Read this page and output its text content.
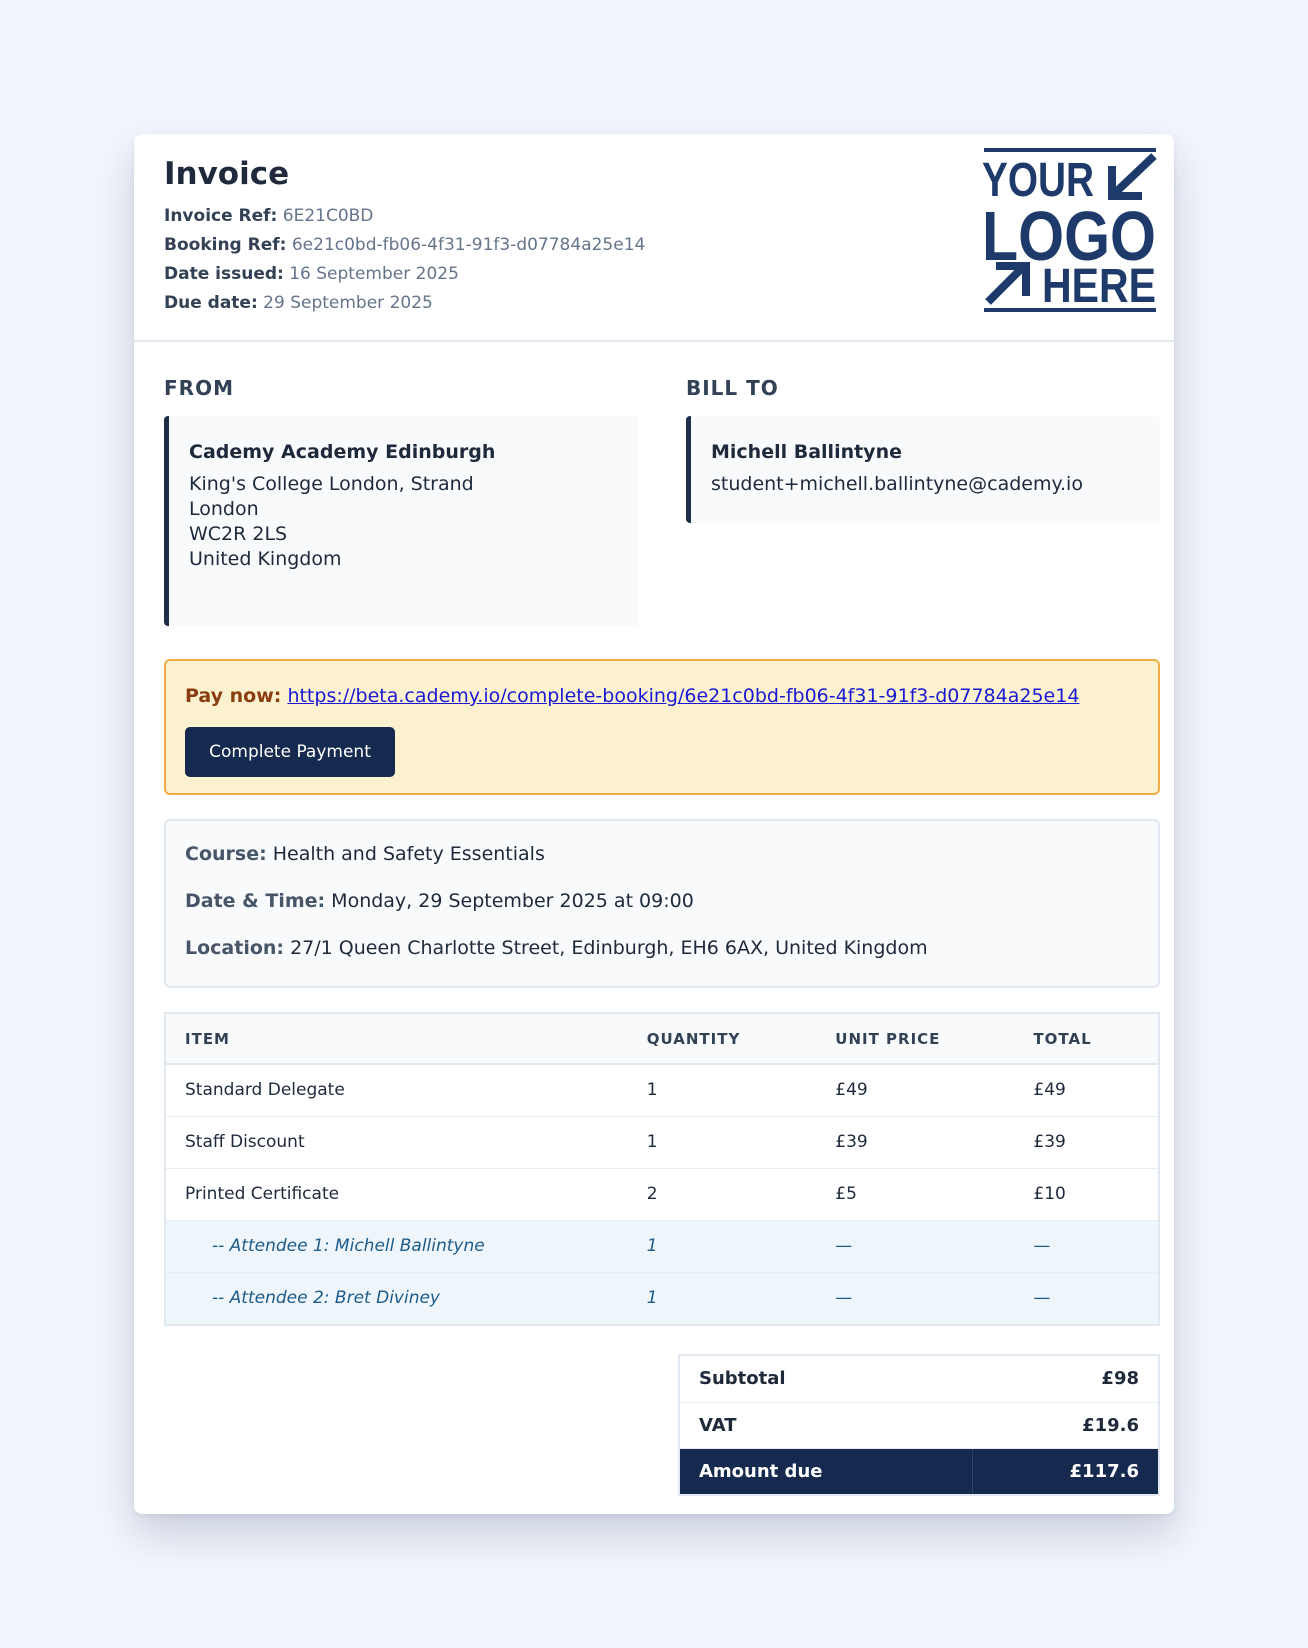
Invoice
Invoice Ref: 6E21C0BD
Booking Ref: 6e21c0bd-fb06-4f31-91f3-d07784a25e14
Date issued: 16 September 2025
Due date: 29 September 2025
YOUR
LOGO
HERE
FROM
Cademy Academy Edinburgh
King's College London, Strand
London
WC2R 2LS
United Kingdom
BILL TO
Michell Ballintyne
student+michell.ballintyne@cademy.io
Pay now: https://beta.cademy.io/complete-booking/6e21c0bd-fb06-4f31-91f3-d07784a25e14
Complete Payment
Course: Health and Safety Essentials
Date & Time: Monday, 29 September 2025 at 09:00
Location: 27/1 Queen Charlotte Street, Edinburgh, EH6 6AX, United Kingdom
ITEM	QUANTITY	UNIT PRICE	TOTAL
Standard Delegate	1	£49	£49
Staff Discount	1	£39	£39
Printed Certificate	2	£5	£10
-- Attendee 1: Michell Ballintyne	1	—	—
-- Attendee 2: Bret Diviney	1	—	—
Subtotal	£98
VAT	£19.6
Amount due	£117.6
